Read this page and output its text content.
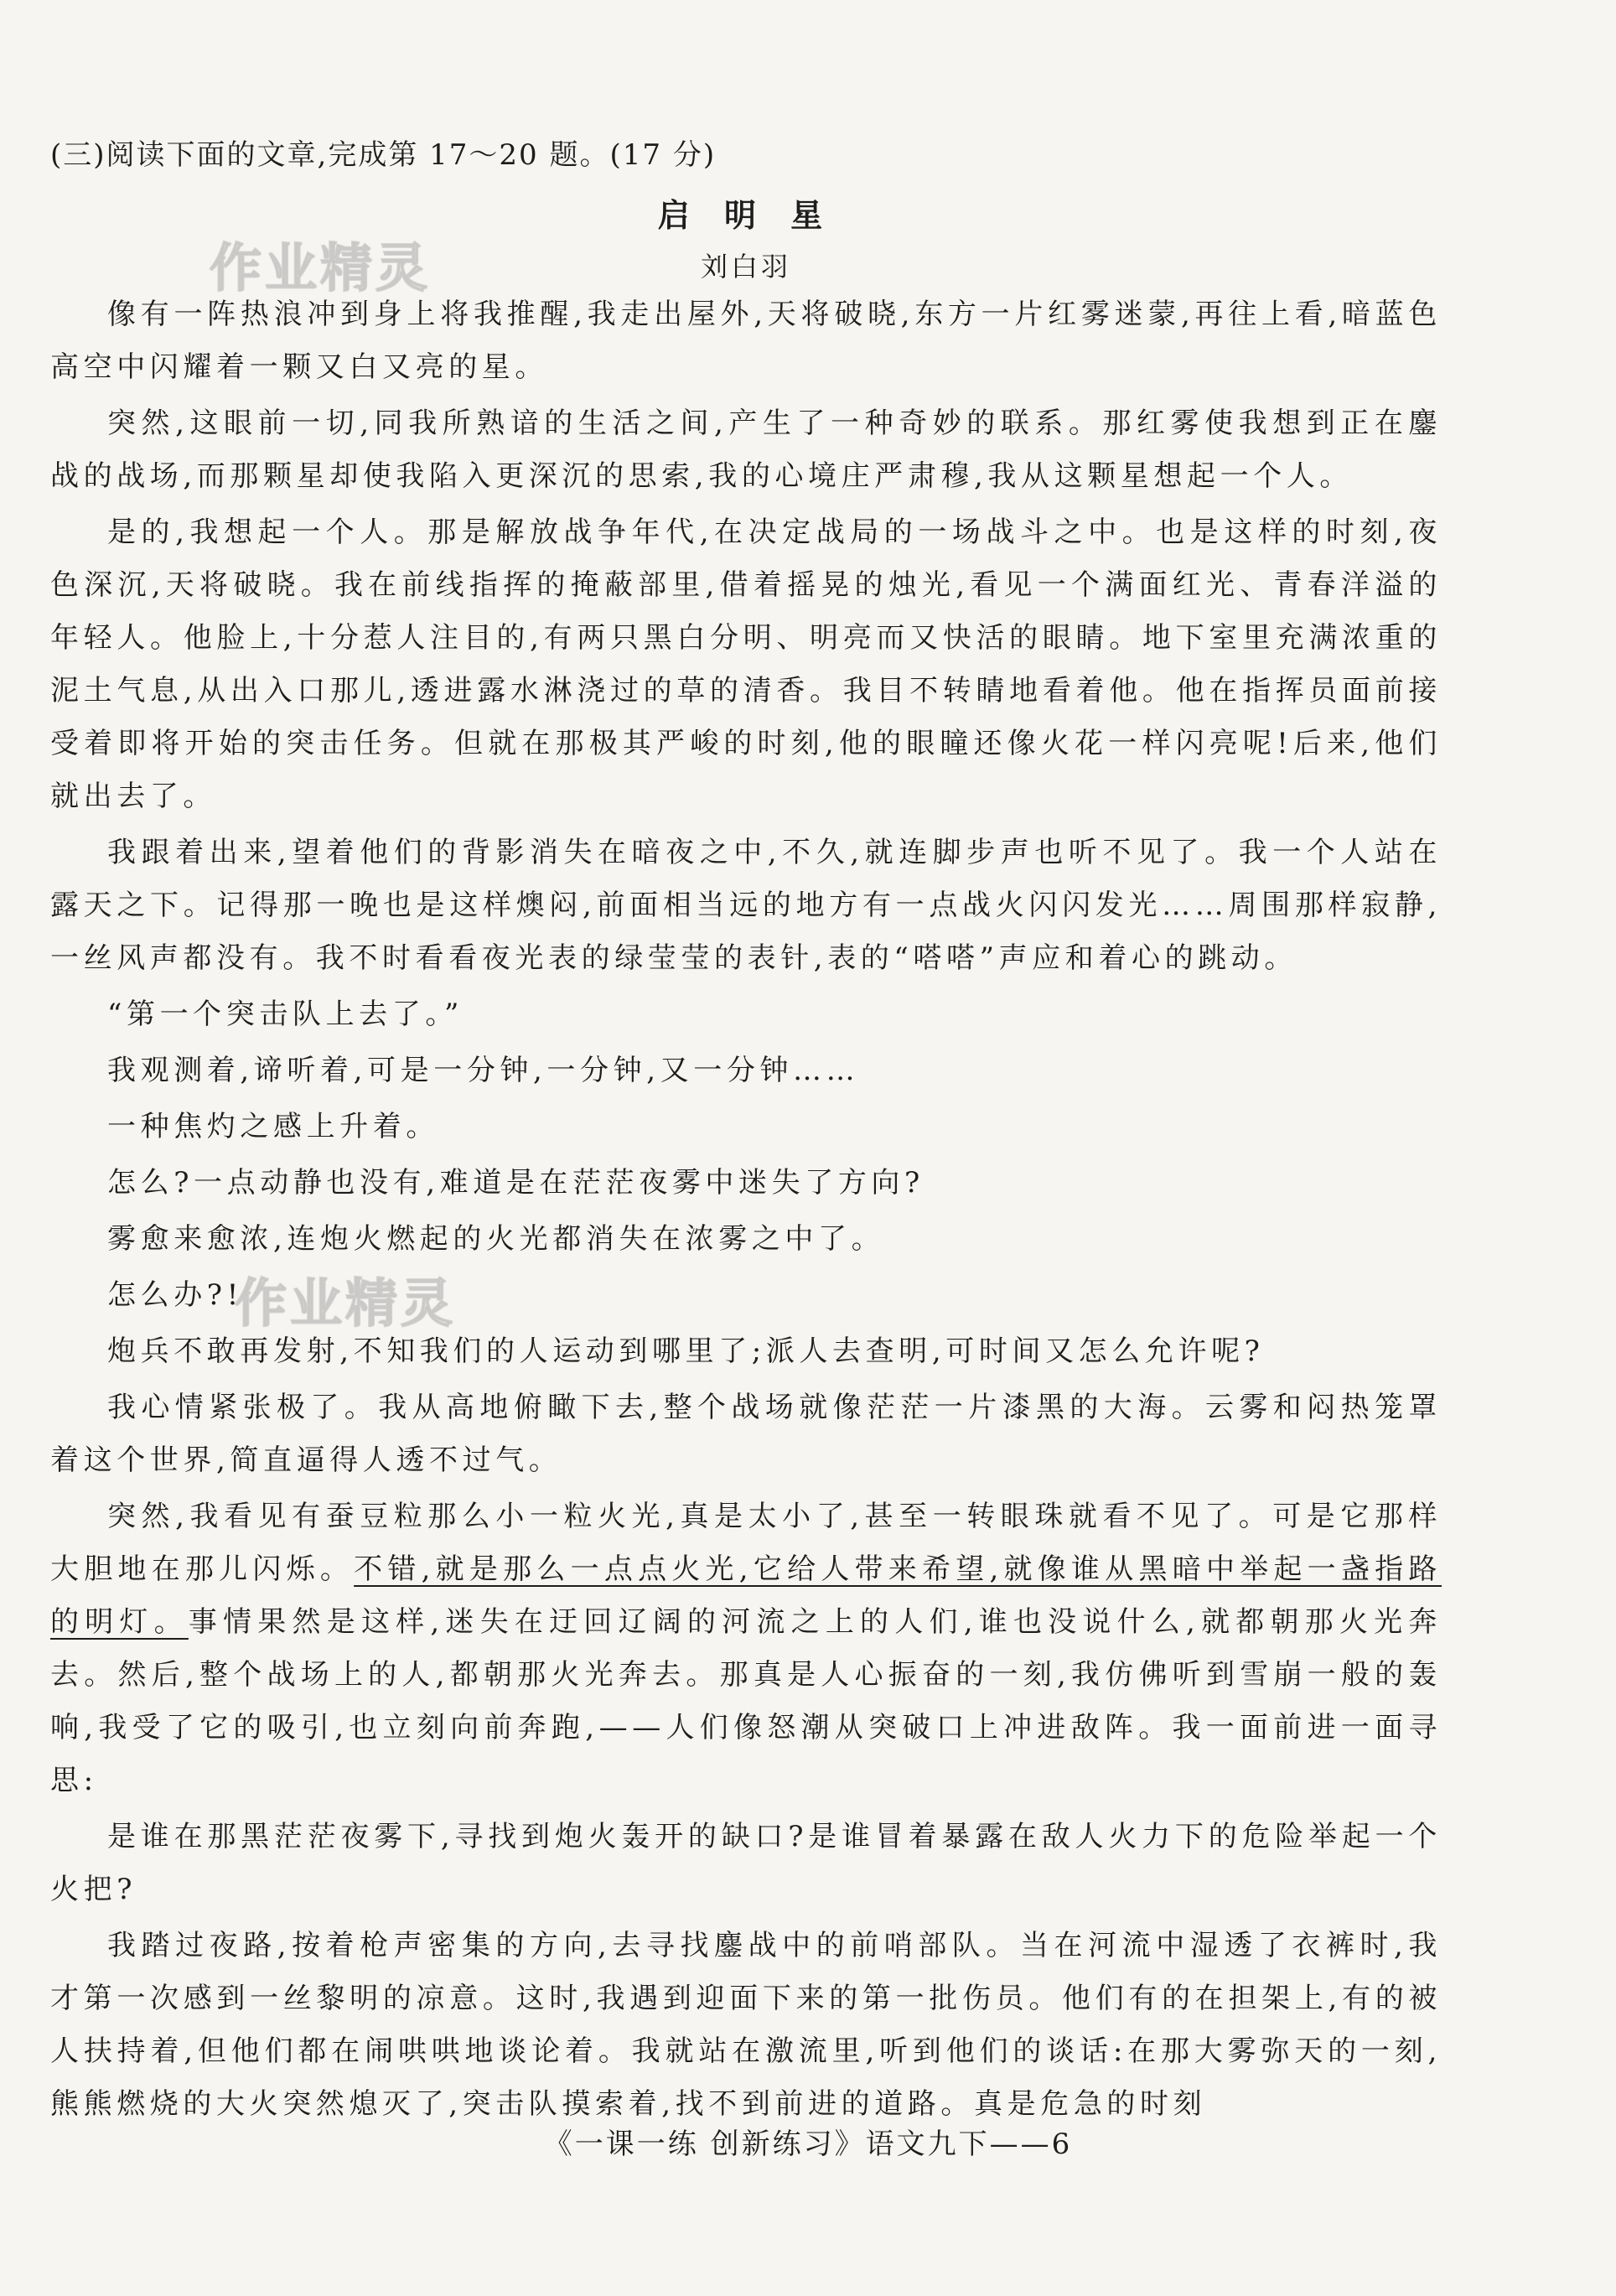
作业精灵
作业精灵
(三)阅读下面的文章,完成第 17～20 题。(17 分)
启 明 星
刘白羽

像有一阵热浪冲到身上将我推醒,我走出屋外,天将破晓,东方一片红雾迷蒙,再往上看,暗蓝色高空中闪耀着一颗又白又亮的星。

突然,这眼前一切,同我所熟谙的生活之间,产生了一种奇妙的联系。那红雾使我想到正在鏖战的战场,而那颗星却使我陷入更深沉的思索,我的心境庄严肃穆,我从这颗星想起一个人。

是的,我想起一个人。那是解放战争年代,在决定战局的一场战斗之中。也是这样的时刻,夜色深沉,天将破晓。我在前线指挥的掩蔽部里,借着摇晃的烛光,看见一个满面红光、青春洋溢的年轻人。他脸上,十分惹人注目的,有两只黑白分明、明亮而又快活的眼睛。地下室里充满浓重的泥土气息,从出入口那儿,透进露水淋浇过的草的清香。我目不转睛地看着他。他在指挥员面前接受着即将开始的突击任务。但就在那极其严峻的时刻,他的眼瞳还像火花一样闪亮呢!后来,他们就出去了。

我跟着出来,望着他们的背影消失在暗夜之中,不久,就连脚步声也听不见了。我一个人站在露天之下。记得那一晚也是这样燠闷,前面相当远的地方有一点战火闪闪发光……周围那样寂静,一丝风声都没有。我不时看看夜光表的绿莹莹的表针,表的“嗒嗒”声应和着心的跳动。

“第一个突击队上去了。”

我观测着,谛听着,可是一分钟,一分钟,又一分钟……

一种焦灼之感上升着。

怎么?一点动静也没有,难道是在茫茫夜雾中迷失了方向?

雾愈来愈浓,连炮火燃起的火光都消失在浓雾之中了。

怎么办?!

炮兵不敢再发射,不知我们的人运动到哪里了;派人去查明,可时间又怎么允许呢?

我心情紧张极了。我从高地俯瞰下去,整个战场就像茫茫一片漆黑的大海。云雾和闷热笼罩着这个世界,简直逼得人透不过气。

突然,我看见有蚕豆粒那么小一粒火光,真是太小了,甚至一转眼珠就看不见了。可是它那样大胆地在那儿闪烁。不错,就是那么一点点火光,它给人带来希望,就像谁从黑暗中举起一盏指路的明灯。事情果然是这样,迷失在迂回辽阔的河流之上的人们,谁也没说什么,就都朝那火光奔去。然后,整个战场上的人,都朝那火光奔去。那真是人心振奋的一刻,我仿佛听到雪崩一般的轰响,我受了它的吸引,也立刻向前奔跑,——人们像怒潮从突破口上冲进敌阵。我一面前进一面寻思:

是谁在那黑茫茫夜雾下,寻找到炮火轰开的缺口?是谁冒着暴露在敌人火力下的危险举起一个火把?

我踏过夜路,按着枪声密集的方向,去寻找鏖战中的前哨部队。当在河流中湿透了衣裤时,我才第一次感到一丝黎明的凉意。这时,我遇到迎面下来的第一批伤员。他们有的在担架上,有的被人扶持着,但他们都在闹哄哄地谈论着。我就站在激流里,听到他们的谈话:在那大雾弥天的一刻,熊熊燃烧的大火突然熄灭了,突击队摸索着,找不到前进的道路。真是危急的时刻

《一课一练 创新练习》语文九下——6
